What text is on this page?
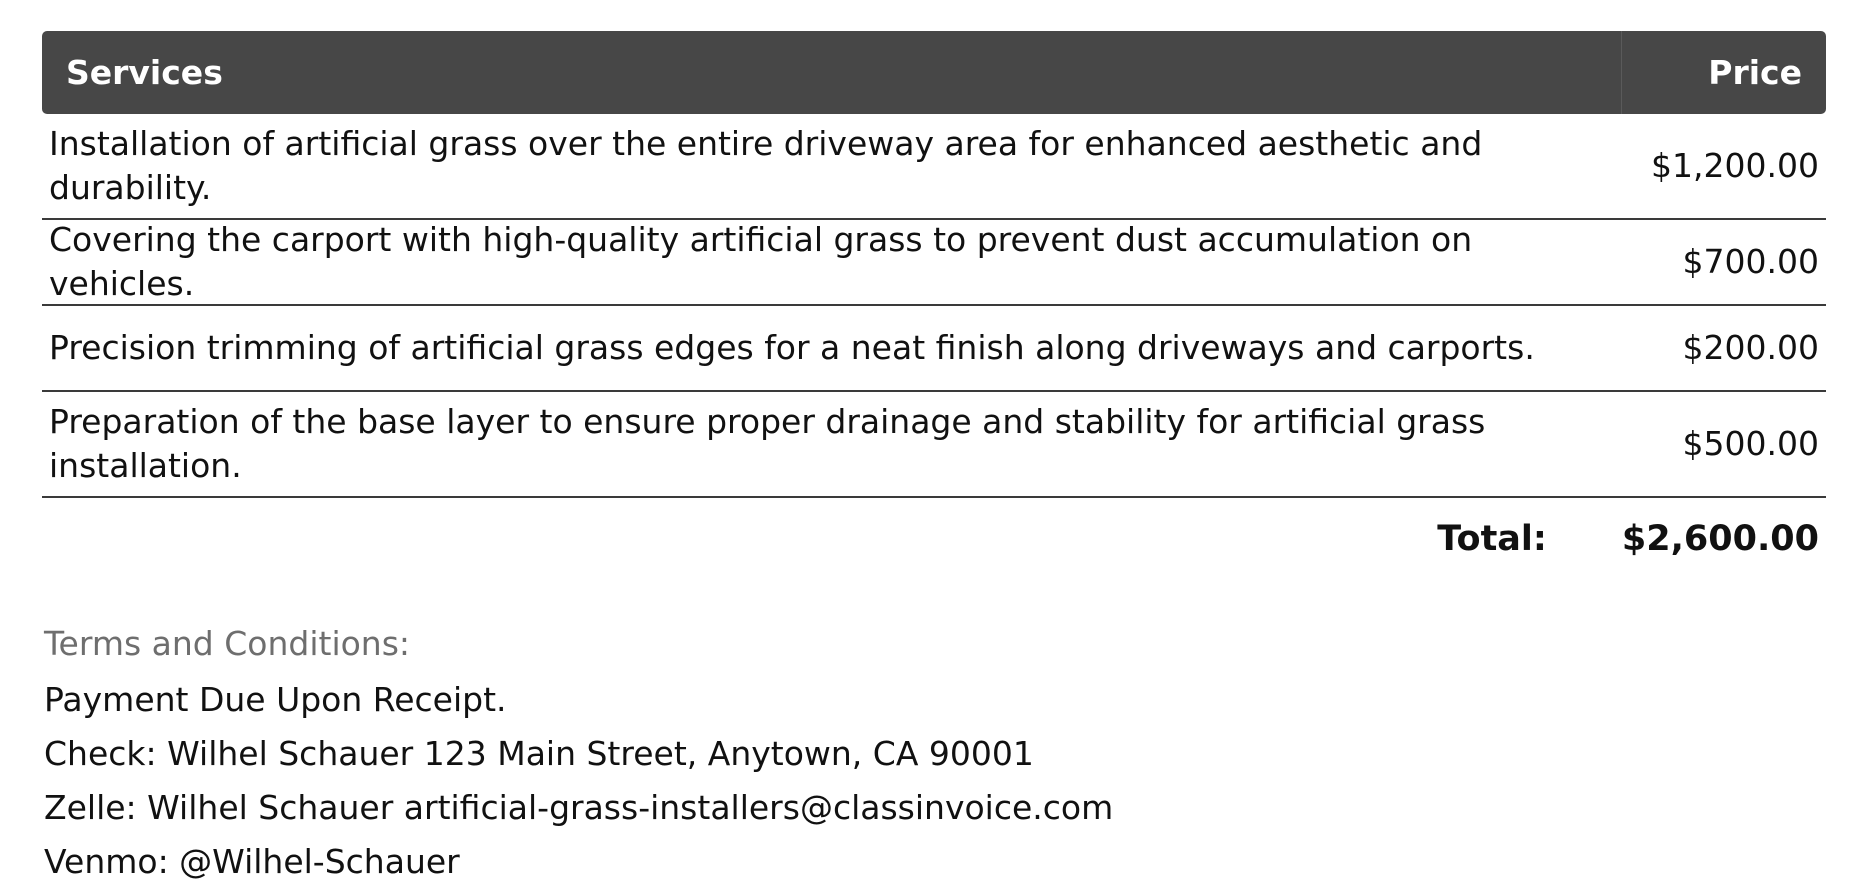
Services	Price
Installation of artificial grass over the entire driveway area for enhanced aesthetic and durability.
$1,200.00
Covering the carport with high-quality artificial grass to prevent dust accumulation on vehicles.
$700.00
Precision trimming of artificial grass edges for a neat finish along driveways and carports.	$200.00
Preparation of the base layer to ensure proper drainage and stability for artificial grass installation.
$500.00
Total: $2,600.00
Terms and Conditions:
Payment Due Upon Receipt.
Check: Wilhel Schauer 123 Main Street, Anytown, CA 90001
Zelle: Wilhel Schauer artificial-grass-installers@classinvoice.com
Venmo: @Wilhel-Schauer
